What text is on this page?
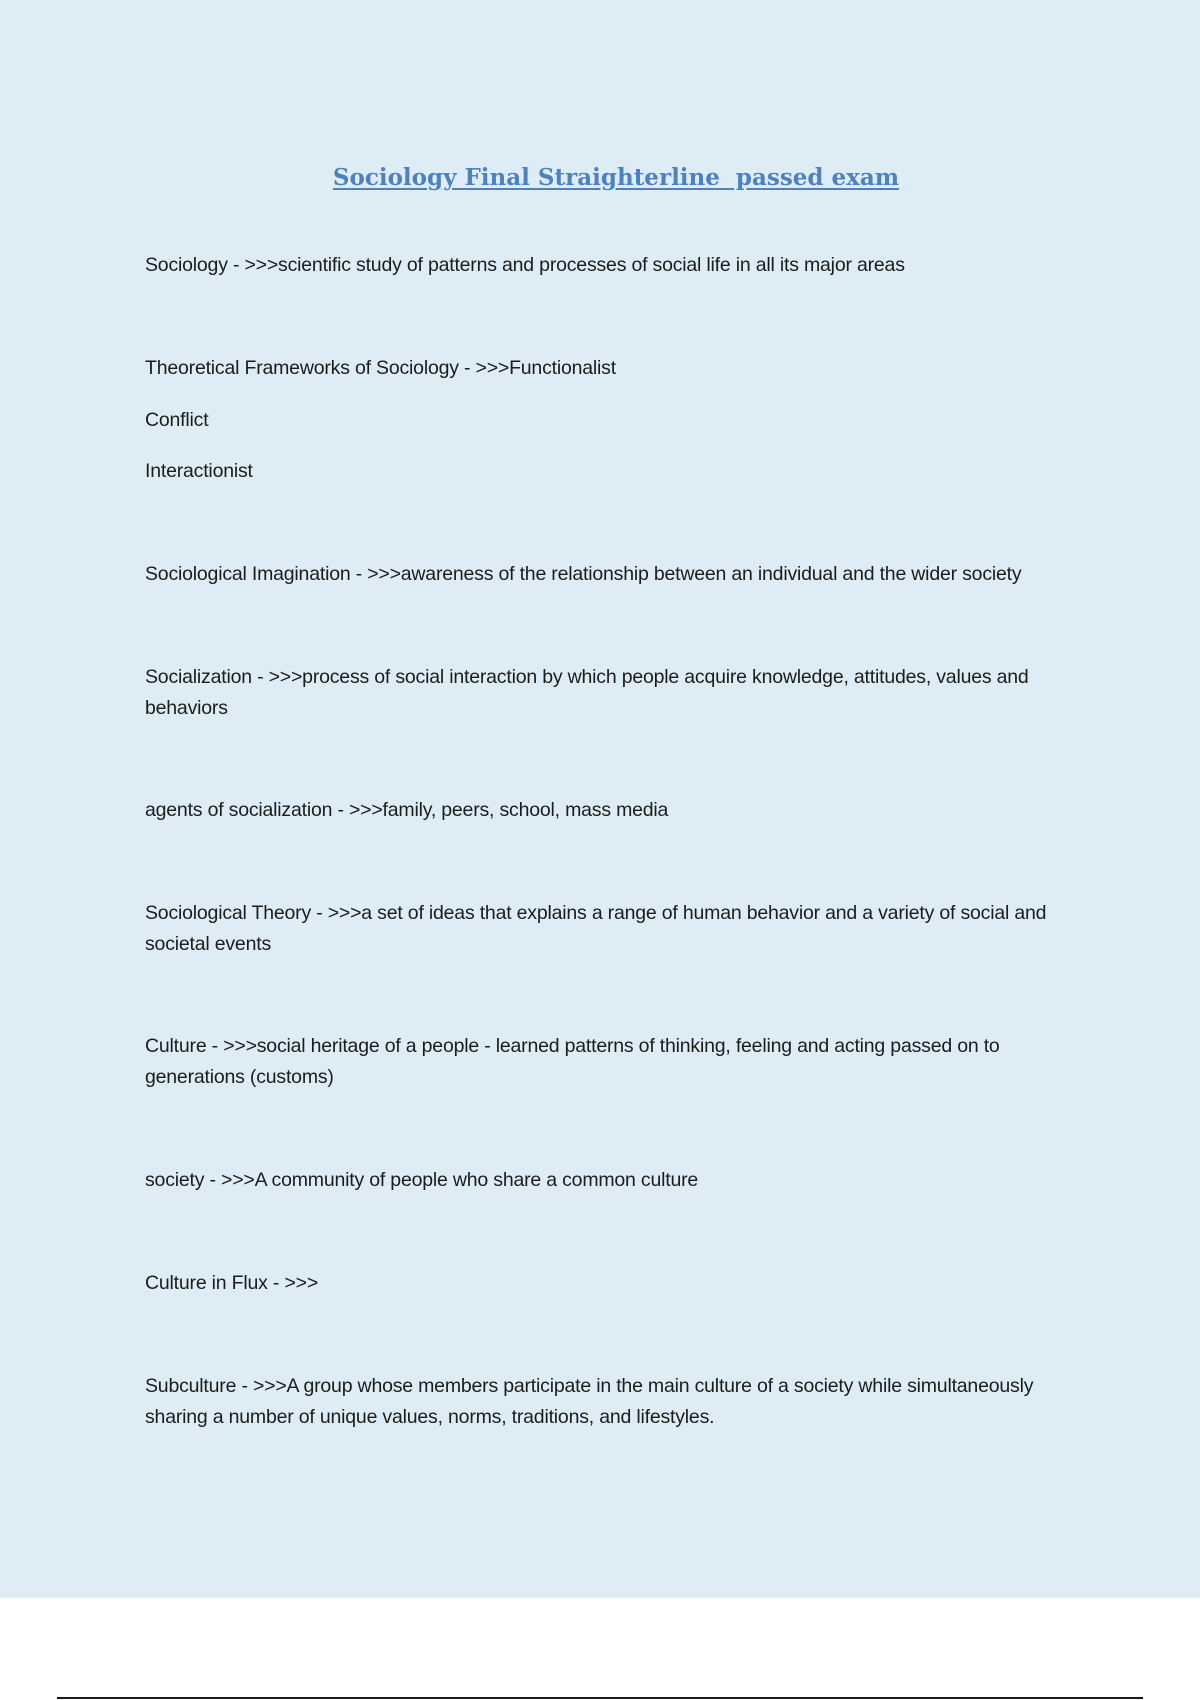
Sociology Final Straighterline  passed exam

Sociology - >>>scientific study of patterns and processes of social life in all its major areas

Theoretical Frameworks of Sociology - >>>Functionalist

Conflict

Interactionist

Sociological Imagination - >>>awareness of the relationship between an individual and the wider society

Socialization - >>>process of social interaction by which people acquire knowledge, attitudes, values and behaviors

agents of socialization - >>>family, peers, school, mass media

Sociological Theory - >>>a set of ideas that explains a range of human behavior and a variety of social and societal events

Culture - >>>social heritage of a people - learned patterns of thinking, feeling and acting passed on to generations (customs)

society - >>>A community of people who share a common culture

Culture in Flux - >>>

Subculture - >>>A group whose members participate in the main culture of a society while simultaneously sharing a number of unique values, norms, traditions, and lifestyles.
